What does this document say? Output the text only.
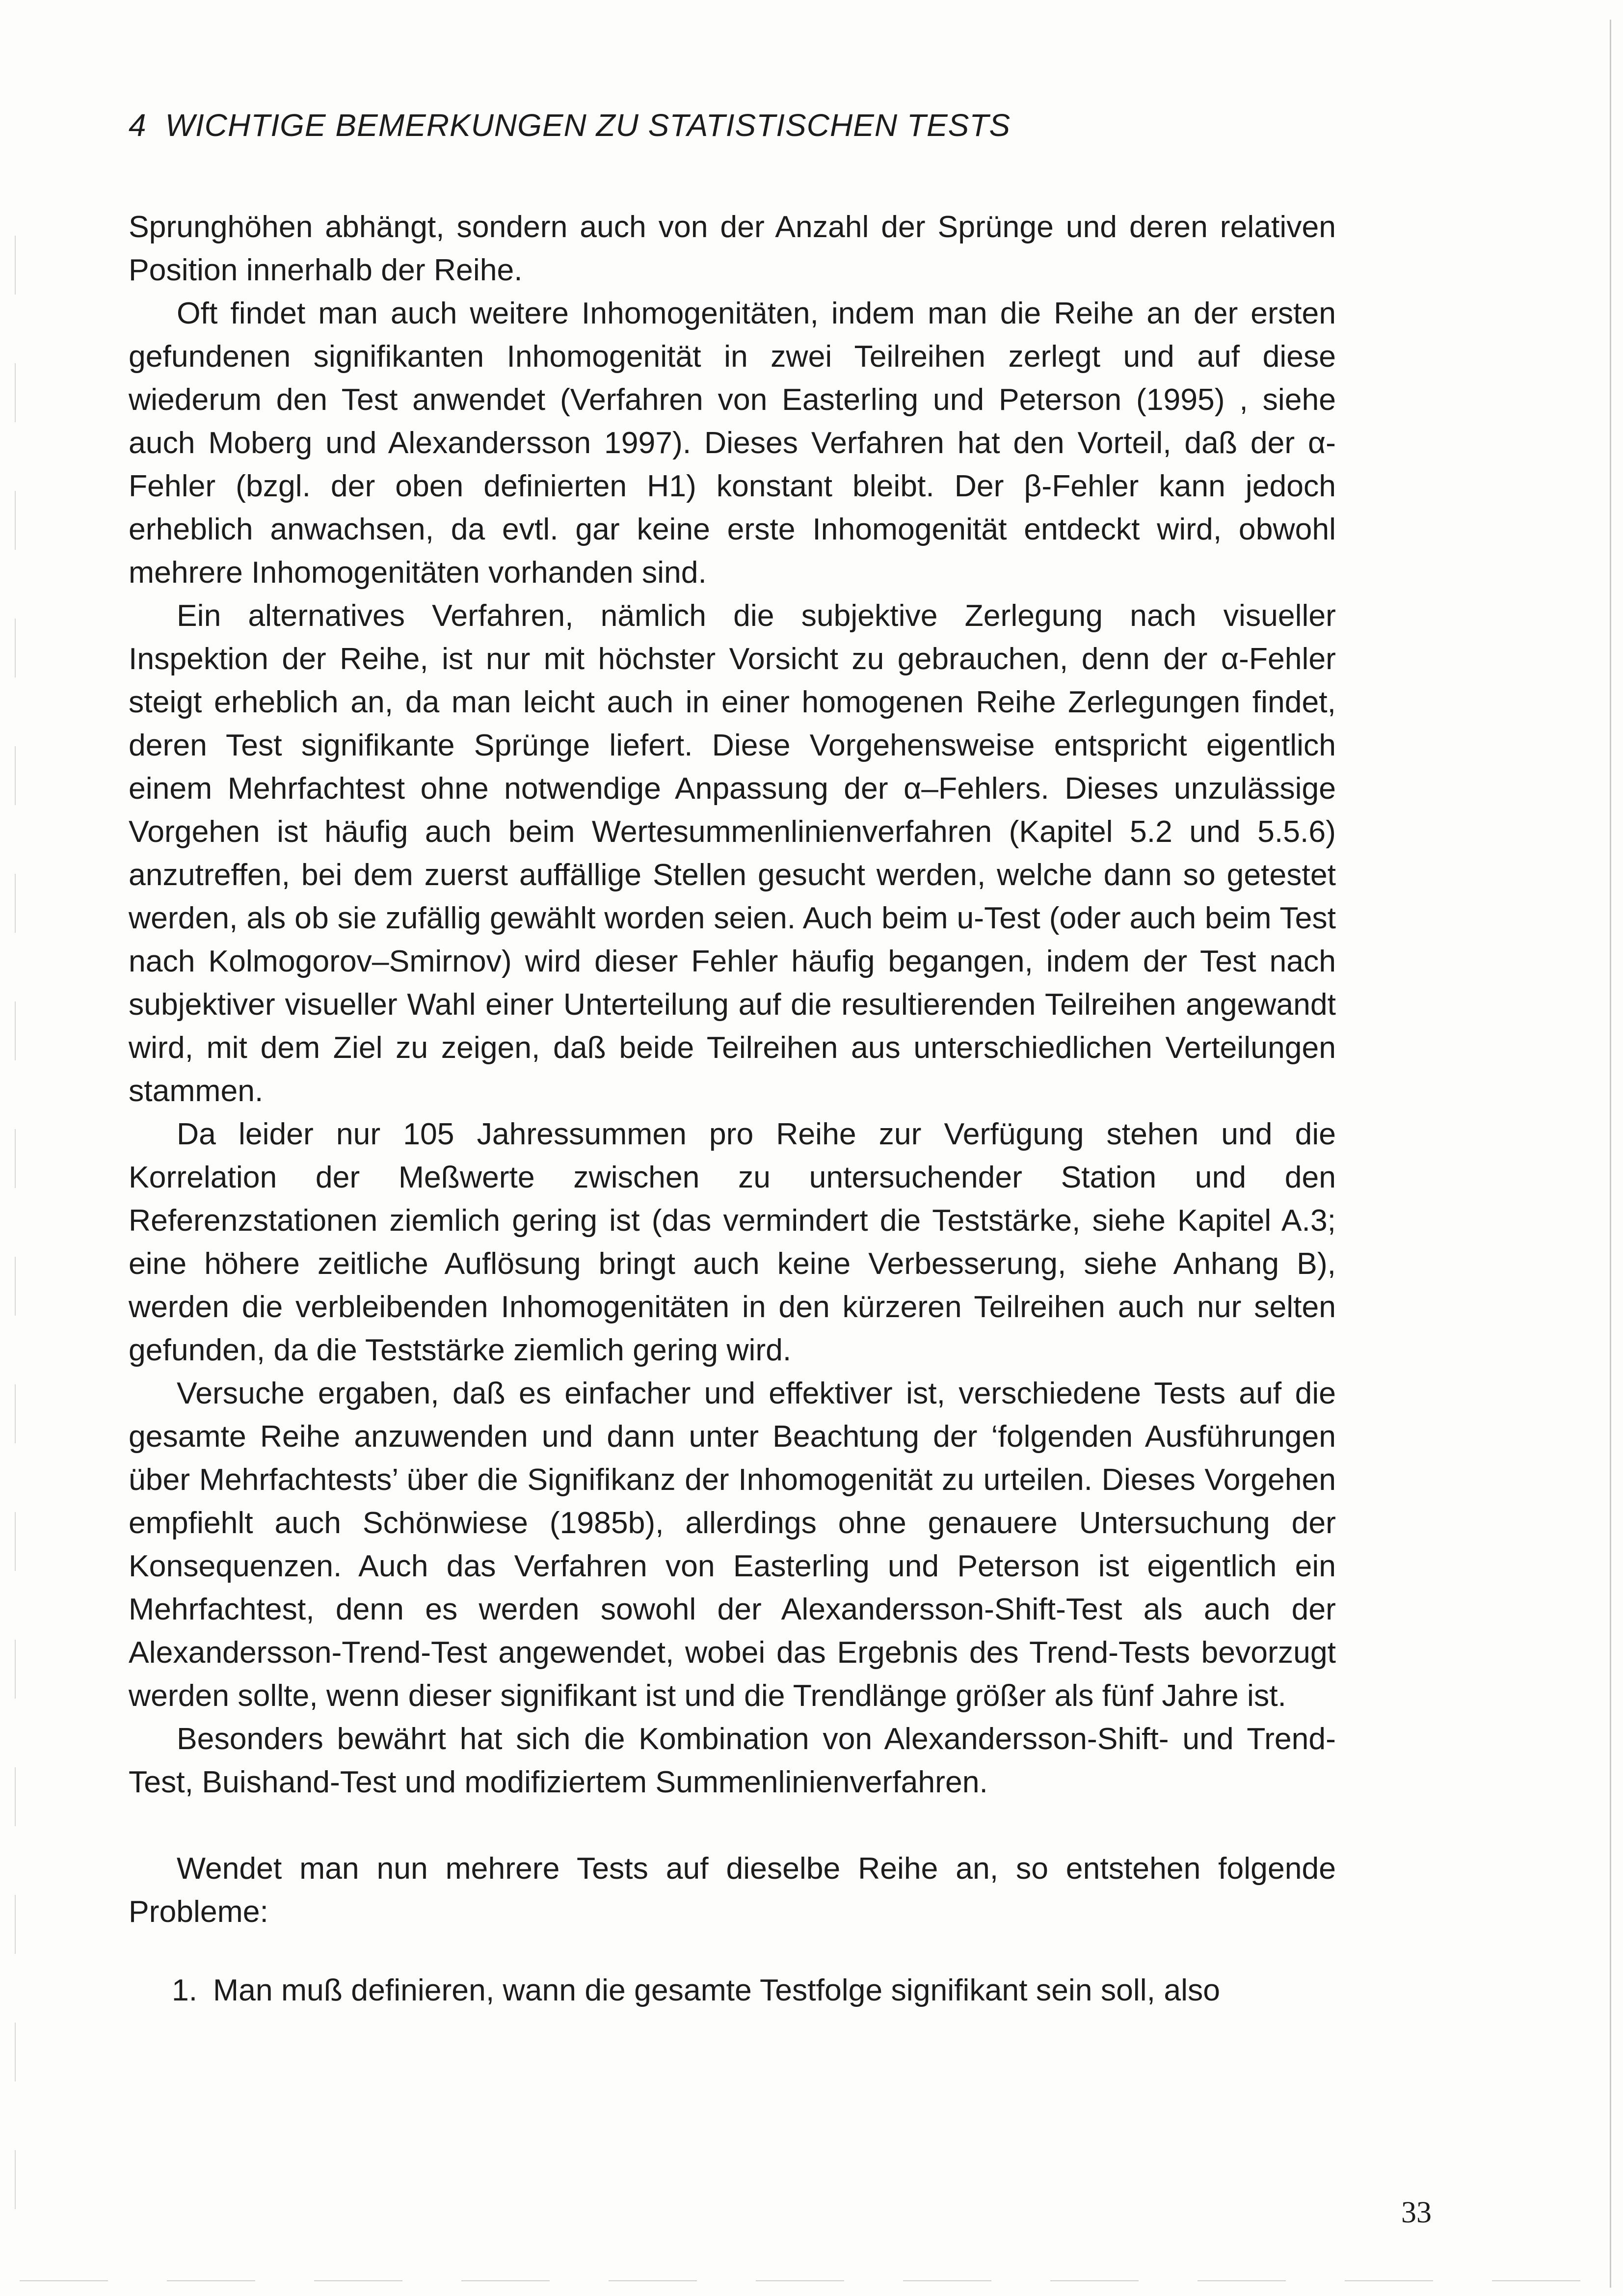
4 WICHTIGE BEMERKUNGEN ZU STATISTISCHEN TESTS

Sprunghöhen abhängt, sondern auch von der Anzahl der Sprünge und deren relativen Position innerhalb der Reihe.

Oft findet man auch weitere Inhomogenitäten, indem man die Reihe an der ersten gefundenen signifikanten Inhomogenität in zwei Teilreihen zerlegt und auf diese wiederum den Test anwendet (Verfahren von Easterling und Peterson (1995) , siehe auch Moberg und Alexandersson 1997). Dieses Verfahren hat den Vorteil, daß der α-Fehler (bzgl. der oben definierten H1) konstant bleibt. Der β-Fehler kann jedoch erheblich anwachsen, da evtl. gar keine erste Inhomogenität entdeckt wird, obwohl mehrere Inhomogenitäten vorhanden sind.

Ein alternatives Verfahren, nämlich die subjektive Zerlegung nach visueller Inspektion der Reihe, ist nur mit höchster Vorsicht zu gebrauchen, denn der α-Fehler steigt erheblich an, da man leicht auch in einer homogenen Reihe Zerlegungen findet, deren Test signifikante Sprünge liefert. Diese Vorgehensweise entspricht eigentlich einem Mehrfachtest ohne notwendige Anpassung der α–Fehlers. Dieses unzulässige Vorgehen ist häufig auch beim Wertesummenlinienverfahren (Kapitel 5.2 und 5.5.6) anzutreffen, bei dem zuerst auffällige Stellen gesucht werden, welche dann so getestet werden, als ob sie zufällig gewählt worden seien. Auch beim u-Test (oder auch beim Test nach Kolmogorov–Smirnov) wird dieser Fehler häufig begangen, indem der Test nach subjektiver visueller Wahl einer Unterteilung auf die resultierenden Teilreihen angewandt wird, mit dem Ziel zu zeigen, daß beide Teilreihen aus unterschiedlichen Verteilungen stammen.

Da leider nur 105 Jahressummen pro Reihe zur Verfügung stehen und die Korrelation der Meßwerte zwischen zu untersuchender Station und den Referenzstationen ziemlich gering ist (das vermindert die Teststärke, siehe Kapitel A.3; eine höhere zeitliche Auflösung bringt auch keine Verbesserung, siehe Anhang B), werden die verbleibenden Inhomogenitäten in den kürzeren Teilreihen auch nur selten gefunden, da die Teststärke ziemlich gering wird.

Versuche ergaben, daß es einfacher und effektiver ist, verschiedene Tests auf die gesamte Reihe anzuwenden und dann unter Beachtung der ‘folgenden Ausführungen über Mehrfachtests’ über die Signifikanz der Inhomogenität zu urteilen. Dieses Vorgehen empfiehlt auch Schönwiese (1985b), allerdings ohne genauere Untersuchung der Konsequenzen. Auch das Verfahren von Easterling und Peterson ist eigentlich ein Mehrfachtest, denn es werden sowohl der Alexandersson-Shift-Test als auch der Alexandersson-Trend-Test angewendet, wobei das Ergebnis des Trend-Tests bevorzugt werden sollte, wenn dieser signifikant ist und die Trendlänge größer als fünf Jahre ist.

Besonders bewährt hat sich die Kombination von Alexandersson-Shift- und Trend-Test, Buishand-Test und modifiziertem Summenlinienverfahren.

Wendet man nun mehrere Tests auf dieselbe Reihe an, so entstehen folgende Probleme:

1. Man muß definieren, wann die gesamte Testfolge signifikant sein soll, also
33
